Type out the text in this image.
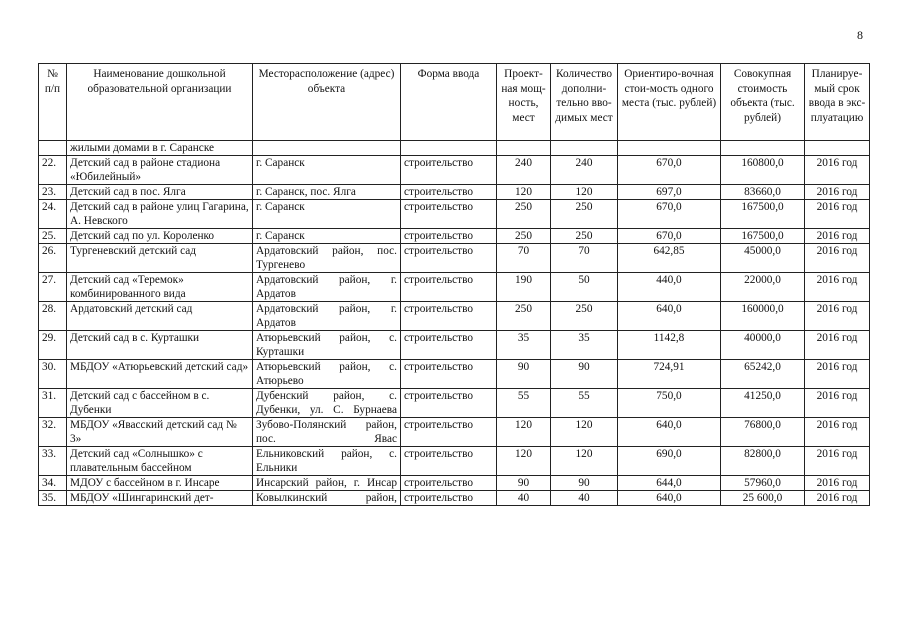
8
№ п/п	Наименование дошкольной образовательной организации	Месторасположение (адрес) объекта	Форма ввода	Проект-ная мощ-ность, мест	Количество дополни-тельно вво-димых мест	Ориентиро-вочная стои-мость одного места (тыс. рублей)	Совокупная стоимость объекта (тыс. рублей)	Планируе-мый срок ввода в экс-плуатацию
	жилыми домами в г. Саранске							
22.	Детский сад в районе стадиона «Юбилейный»	г. Саранск	строительство	240	240	670,0	160800,0	2016 год
23.	Детский сад в пос. Ялга	г. Саранск, пос. Ялга	строительство	120	120	697,0	83660,0	2016 год
24.	Детский сад в районе улиц Гагарина, А. Невского	г. Саранск	строительство	250	250	670,0	167500,0	2016 год
25.	Детский сад по ул. Короленко	г. Саранск	строительство	250	250	670,0	167500,0	2016 год
26.	Тургеневский детский сад	Ардатовский район, пос. Тургенево	строительство	70	70	642,85	45000,0	2016 год
27.	Детский сад «Теремок» комбинированного вида	Ардатовский район, г. Ардатов	строительство	190	50	440,0	22000,0	2016 год
28.	Ардатовский детский сад	Ардатовский район, г. Ардатов	строительство	250	250	640,0	160000,0	2016 год
29.	Детский сад в с. Курташки	Атюрьевский район, с. Курташки	строительство	35	35	1142,8	40000,0	2016 год
30.	МБДОУ «Атюрьевский детский сад»	Атюрьевский район, с. Атюрьево	строительство	90	90	724,91	65242,0	2016 год
31.	Детский сад с бассейном в с. Дубенки	Дубенский район, с. Дубенки, ул. С. Бурнаева	строительство	55	55	750,0	41250,0	2016 год
32.	МБДОУ «Явасский детский сад № 3»	Зубово-Полянский район, пос. Явас	строительство	120	120	640,0	76800,0	2016 год
33.	Детский сад «Солнышко» с плавательным бассейном	Ельниковский район, с. Ельники	строительство	120	120	690,0	82800,0	2016 год
34.	МДОУ с бассейном в г. Инсаре	Инсарский район, г. Инсар	строительство	90	90	644,0	57960,0	2016 год
35.	МБДОУ «Шингаринский дет-	Ковылкинский район,	строительство	40	40	640,0	25 600,0	2016 год
